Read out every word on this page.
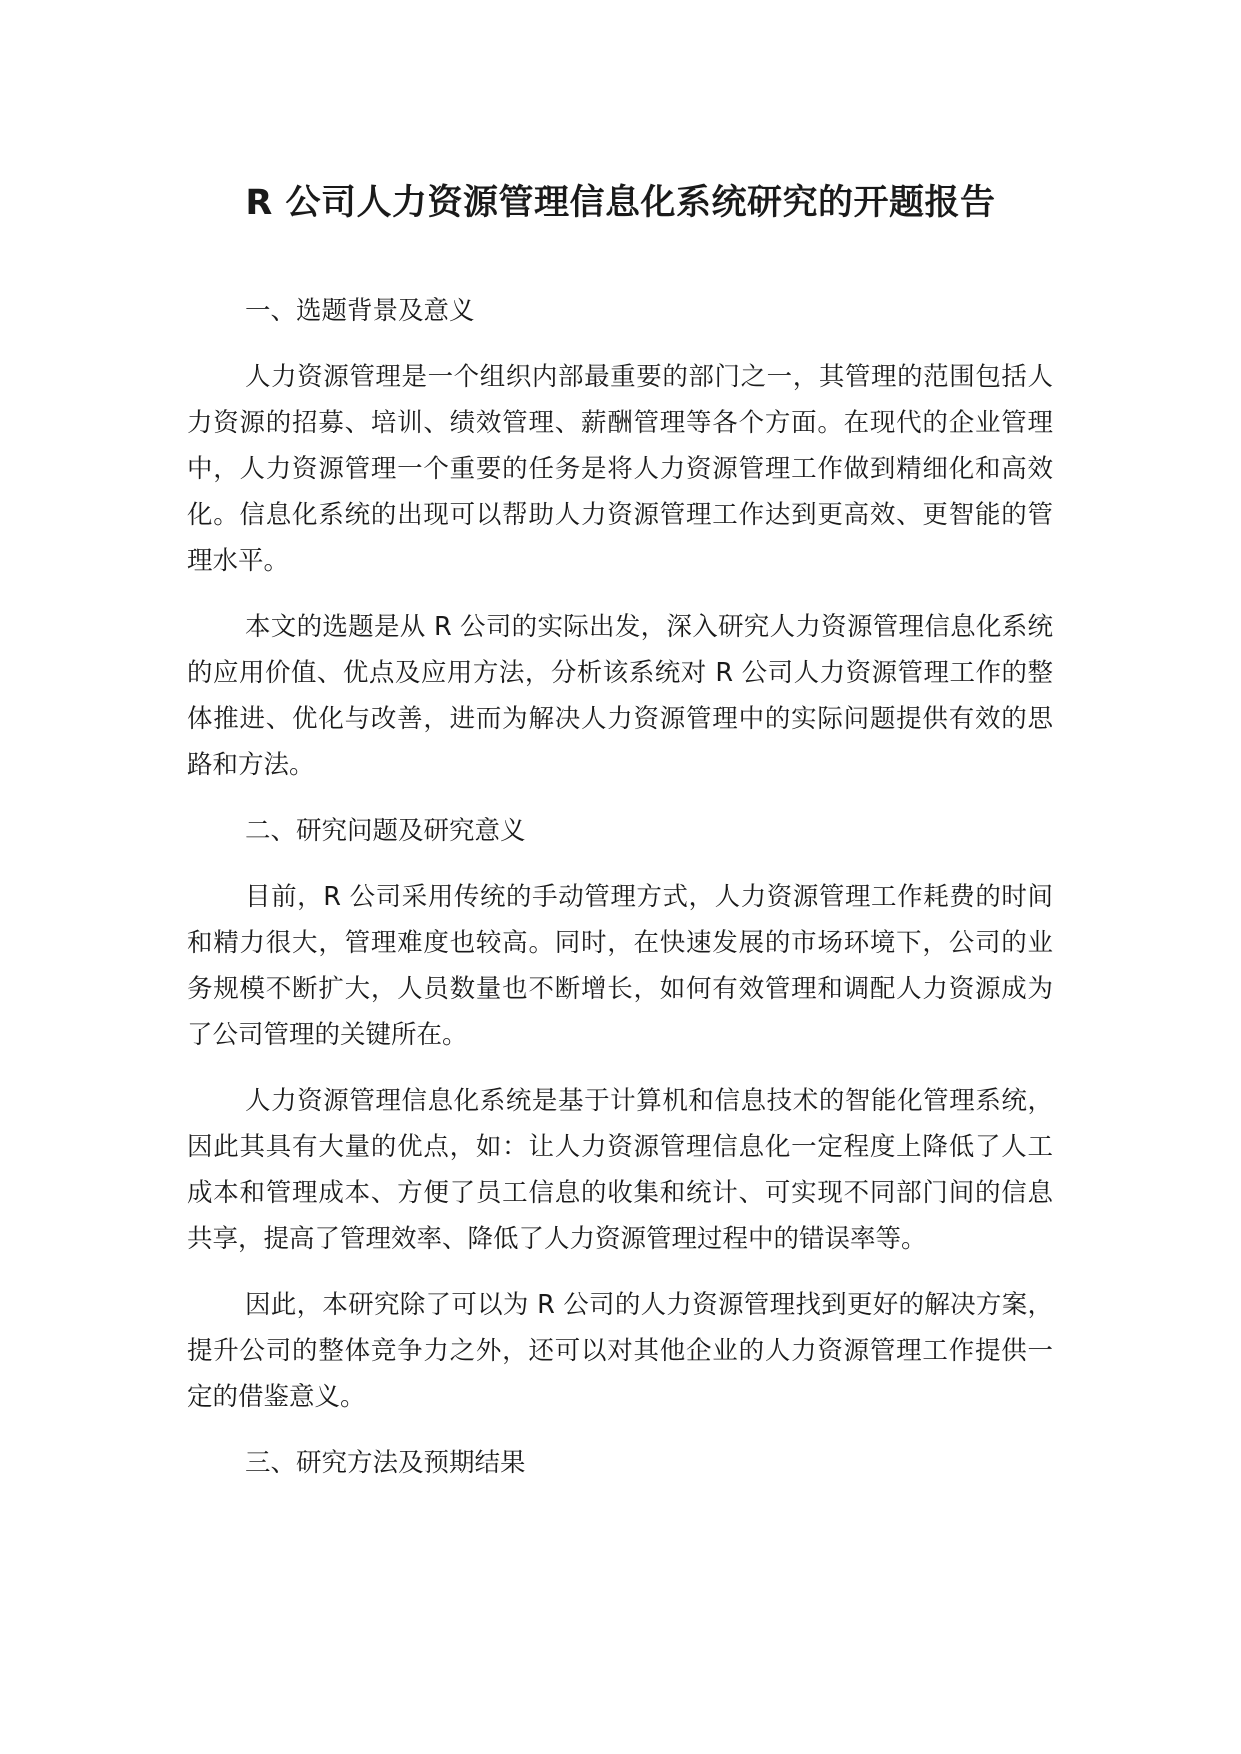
R 公司人力资源管理信息化系统研究的开题报告

一、选题背景及意义

人力资源管理是一个组织内部最重要的部门之一，其管理的范围包括人力资源的招募、培训、绩效管理、薪酬管理等各个方面。在现代的企业管理中，人力资源管理一个重要的任务是将人力资源管理工作做到精细化和高效化。信息化系统的出现可以帮助人力资源管理工作达到更高效、更智能的管理水平。

本文的选题是从 R 公司的实际出发，深入研究人力资源管理信息化系统的应用价值、优点及应用方法，分析该系统对 R 公司人力资源管理工作的整体推进、优化与改善，进而为解决人力资源管理中的实际问题提供有效的思路和方法。

二、研究问题及研究意义

目前，R 公司采用传统的手动管理方式，人力资源管理工作耗费的时间和精力很大，管理难度也较高。同时，在快速发展的市场环境下，公司的业务规模不断扩大，人员数量也不断增长，如何有效管理和调配人力资源成为了公司管理的关键所在。

人力资源管理信息化系统是基于计算机和信息技术的智能化管理系统，因此其具有大量的优点，如：让人力资源管理信息化一定程度上降低了人工成本和管理成本、方便了员工信息的收集和统计、可实现不同部门间的信息共享，提高了管理效率、降低了人力资源管理过程中的错误率等。

因此，本研究除了可以为 R 公司的人力资源管理找到更好的解决方案，提升公司的整体竞争力之外，还可以对其他企业的人力资源管理工作提供一定的借鉴意义。

三、研究方法及预期结果
